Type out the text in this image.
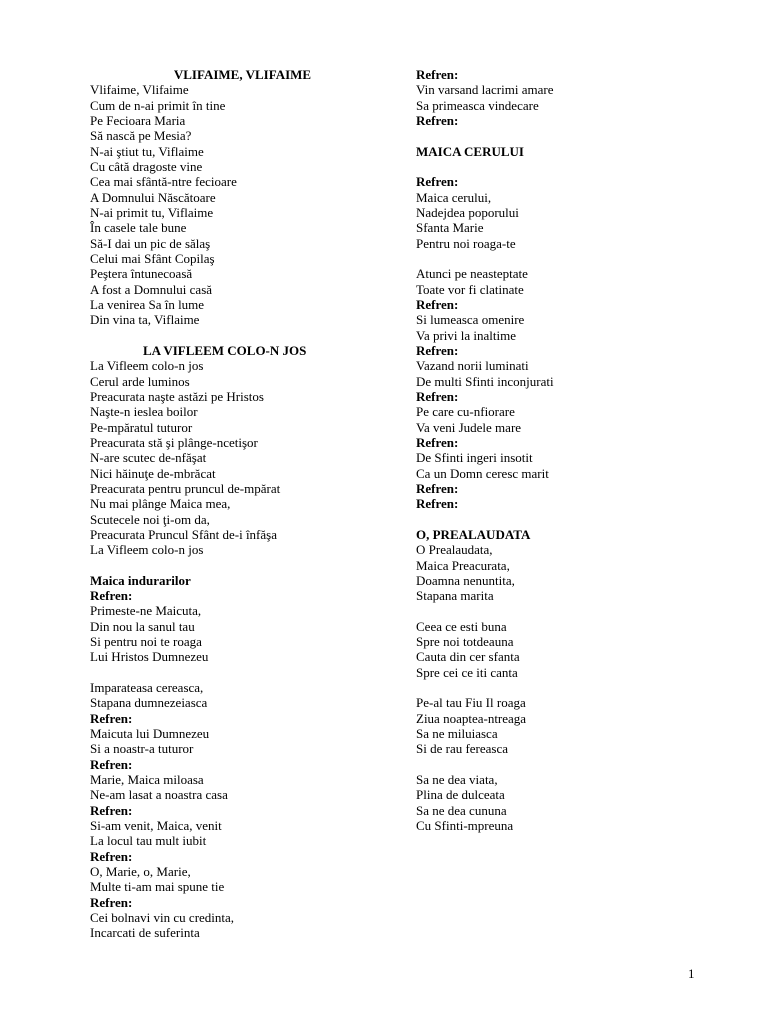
VLIFAIME, VLIFAIME
Vlifaime, Vlifaime
Cum de n-ai primit în tine
Pe Fecioara Maria
Să nască pe Mesia?
N-ai ştiut tu, Viflaime
Cu câtă dragoste vine
Cea mai sfântă-ntre fecioare
A Domnului Născătoare
N-ai primit tu, Viflaime
În casele tale bune
Să-I dai un pic de sălaş
Celui mai Sfânt Copilaş
Peştera întunecoasă
A fost a Domnului casă
La venirea Sa în lume
Din vina ta, Viflaime
LA VIFLEEM COLO-N JOS
La Vifleem colo-n jos
Cerul arde luminos
Preacurata naşte astăzi pe Hristos
Naşte-n ieslea boilor
Pe-mpăratul tuturor
Preacurata stă şi plânge-ncetişor
N-are scutec de-nfăşat
Nici hăinuţe de-mbrăcat
Preacurata pentru pruncul de-mpărat
Nu mai plânge Maica mea,
Scutecele noi ţi-om da,
Preacurata Pruncul Sfânt de-i înfăşa
La Vifleem colo-n jos
Maica indurarilor
Refren:
Primeste-ne Maicuta,
Din nou la sanul tau
Si pentru noi te roaga
Lui Hristos Dumnezeu
Imparateasa cereasca,
Stapana dumnezeiasca
Refren:
Maicuta lui Dumnezeu
Si a noastr-a tuturor
Refren:
Marie, Maica miloasa
Ne-am lasat a noastra casa
Refren:
Si-am venit, Maica, venit
La locul tau mult iubit
Refren:
O, Marie, o, Marie,
Multe ti-am mai spune tie
Refren:
Cei bolnavi vin cu credinta,
Incarcati de suferinta
Refren:
Vin varsand lacrimi amare
Sa primeasca vindecare
Refren:
MAICA CERULUI
Refren:
Maica cerului,
Nadejdea poporului
Sfanta Marie
Pentru noi roaga-te
Atunci pe neasteptate
Toate vor fi clatinate
Refren:
Si lumeasca omenire
Va privi la inaltime
Refren:
Vazand norii luminati
De multi Sfinti inconjurati
Refren:
Pe care cu-nfiorare
Va veni Judele mare
Refren:
De Sfinti ingeri insotit
Ca un Domn ceresc marit
Refren:
Refren:
O, PREALAUDATA
O Prealaudata,
Maica Preacurata,
Doamna nenuntita,
Stapana marita
Ceea ce esti buna
Spre noi totdeauna
Cauta din cer sfanta
Spre cei ce iti canta
Pe-al tau Fiu Il roaga
Ziua noaptea-ntreaga
Sa ne miluiasca
Si de rau fereasca
Sa ne dea viata,
Plina de dulceata
Sa ne dea cununa
Cu Sfinti-mpreuna
1
